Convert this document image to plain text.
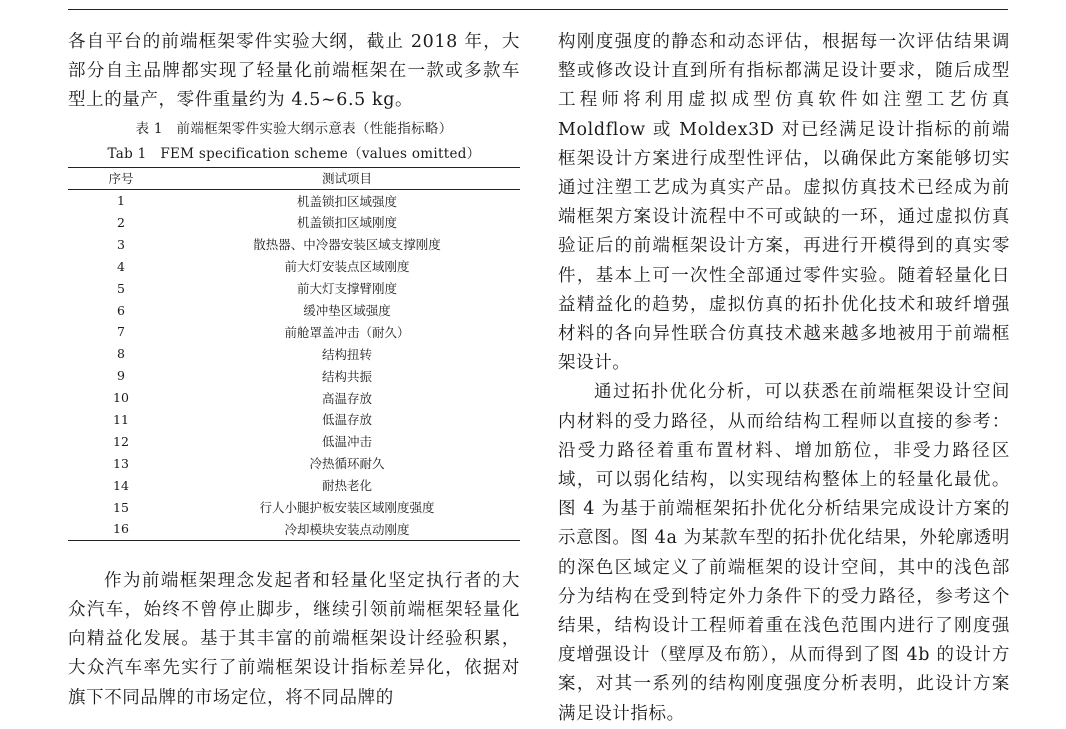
各自平台的前端框架零件实验大纲，截止 2018 年，大部分自主品牌都实现了轻量化前端框架在一款或多款车型上的量产，零件重量约为 4.5~6.5 kg。

表 1　前端框架零件实验大纲示意表（性能指标略）

Tab 1　FEM specification scheme（values omitted）

序号	测试项目
1	机盖锁扣区域强度
2	机盖锁扣区域刚度
3	散热器、中冷器安装区域支撑刚度
4	前大灯安装点区域刚度
5	前大灯支撑臂刚度
6	缓冲垫区域强度
7	前舱罩盖冲击（耐久）
8	结构扭转
9	结构共振
10	高温存放
11	低温存放
12	低温冲击
13	冷热循环耐久
14	耐热老化
15	行人小腿护板安装区域刚度强度
16	冷却模块安装点动刚度

作为前端框架理念发起者和轻量化坚定执行者的大众汽车，始终不曾停止脚步，继续引领前端框架轻量化向精益化发展。基于其丰富的前端框架设计经验积累，大众汽车率先实行了前端框架设计指标差异化，依据对旗下不同品牌的市场定位，将不同品牌的

构刚度强度的静态和动态评估，根据每一次评估结果调整或修改设计直到所有指标都满足设计要求，随后成型工程师将利用虚拟成型仿真软件如注塑工艺仿真 Moldflow 或 Moldex3D 对已经满足设计指标的前端框架设计方案进行成型性评估，以确保此方案能够切实通过注塑工艺成为真实产品。虚拟仿真技术已经成为前端框架方案设计流程中不可或缺的一环，通过虚拟仿真验证后的前端框架设计方案，再进行开模得到的真实零件，基本上可一次性全部通过零件实验。随着轻量化日益精益化的趋势，虚拟仿真的拓扑优化技术和玻纤增强材料的各向异性联合仿真技术越来越多地被用于前端框架设计。

通过拓扑优化分析，可以获悉在前端框架设计空间内材料的受力路径，从而给结构工程师以直接的参考：沿受力路径着重布置材料、增加筋位，非受力路径区域，可以弱化结构，以实现结构整体上的轻量化最优。图 4 为基于前端框架拓扑优化分析结果完成设计方案的示意图。图 4a 为某款车型的拓扑优化结果，外轮廓透明的深色区域定义了前端框架的设计空间，其中的浅色部分为结构在受到特定外力条件下的受力路径，参考这个结果，结构设计工程师着重在浅色范围内进行了刚度强度增强设计（壁厚及布筋），从而得到了图 4b 的设计方案，对其一系列的结构刚度强度分析表明，此设计方案满足设计指标。
